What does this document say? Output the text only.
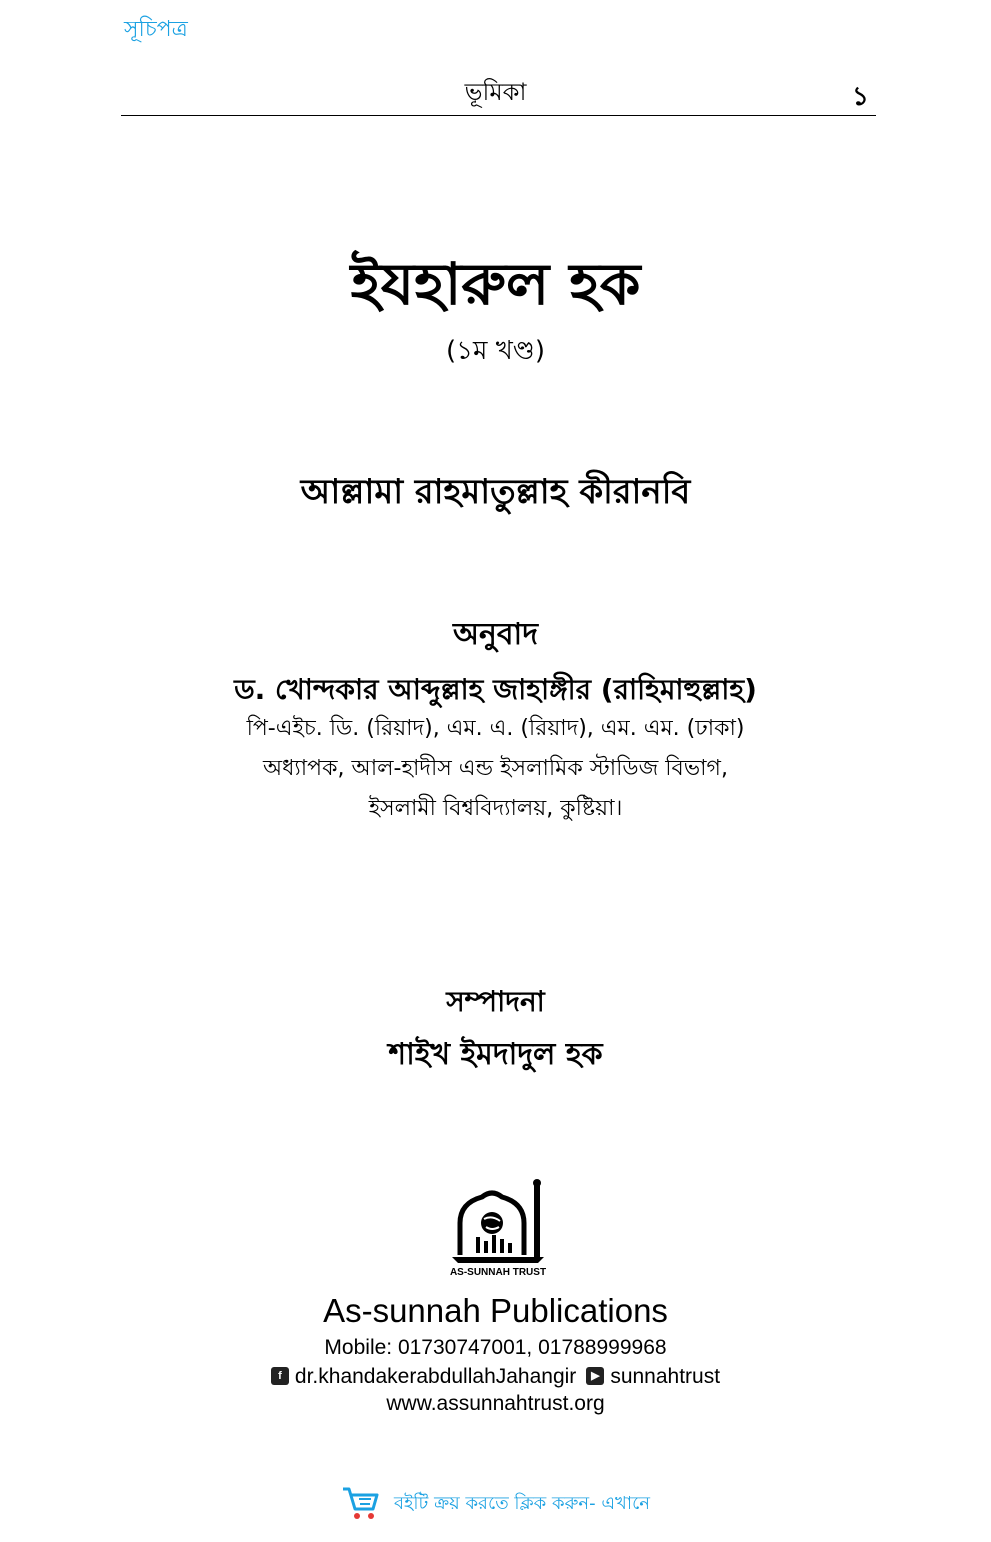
সূচিপত্র
ভূমিকা	১
ইযহারুল হক
(১ম খণ্ড)
আল্লামা রাহমাতুল্লাহ কীরানবি
অনুবাদ
ড. খোন্দকার আব্দুল্লাহ জাহাঙ্গীর (রাহিমাহুল্লাহ)
পি-এইচ. ডি. (রিয়াদ), এম. এ. (রিয়াদ), এম. এম. (ঢাকা)
অধ্যাপক, আল-হাদীস এন্ড ইসলামিক স্টাডিজ বিভাগ,
ইসলামী বিশ্ববিদ্যালয়, কুষ্টিয়া।
সম্পাদনা
শাইখ ইমদাদুল হক
AS-SUNNAH TRUST
As-sunnah Publications
Mobile: 01730747001, 01788999968
f dr.khandakerabdullahJahangir ▶ sunnahtrust
www.assunnahtrust.org
বইটি ক্রয় করতে ক্লিক করুন- এখানে
